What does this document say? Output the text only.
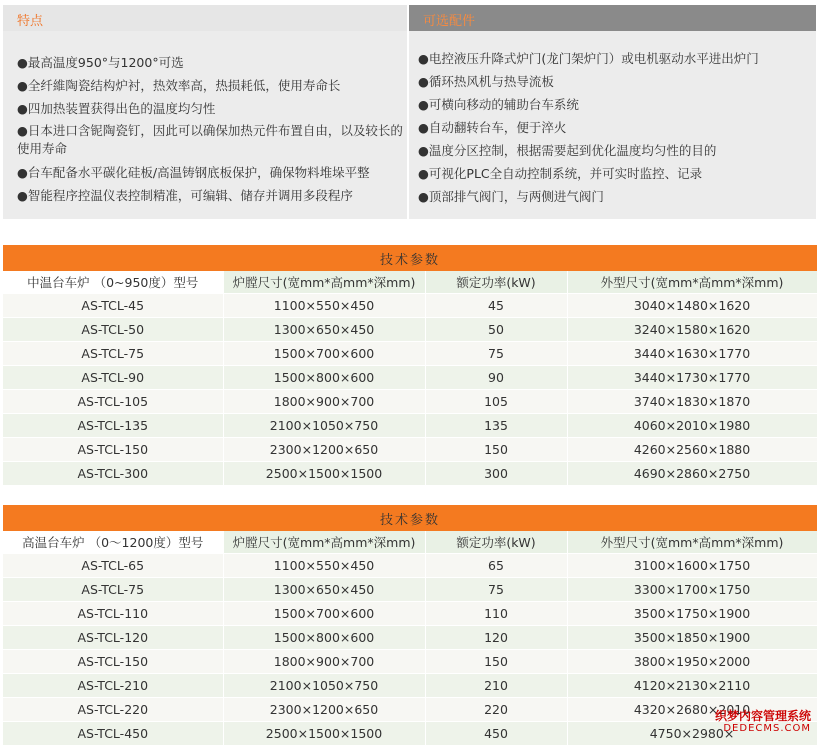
特点
●最高温度950°与1200°可选
●全纤維陶瓷结构炉衬，热效率高，热损耗低，使用寿命长
●四加热装置获得出色的温度均匀性
●日本进口含铌陶瓷钉，因此可以确保加热元件布置自由，以及较长的使用寿命
●台车配备水平碳化硅板/高温铸钢底板保护，确保物料堆垛平整
●智能程序控温仪表控制精准，可编辑、储存并调用多段程序
可选配件
●电控液压升降式炉门(龙门架炉门）或电机驱动水平进出炉门
●循环热风机与热导流板
●可横向移动的辅助台车系统
●自动翻转台车，便于淬火
●温度分区控制，根据需要起到优化温度均匀性的目的
●可视化PLC全自动控制系统，并可实时监控、记录
●顶部排气阀门，与两侧进气阀门
技术参数			
中温台车炉 （0~950度）型号	炉膛尺寸(宽mm*高mm*深mm)	额定功率(kW)	外型尺寸(宽mm*高mm*深mm)
AS-TCL-45	1100×550×450	45	3040×1480×1620
AS-TCL-50	1300×650×450	50	3240×1580×1620
AS-TCL-75	1500×700×600	75	3440×1630×1770
AS-TCL-90	1500×800×600	90	3440×1730×1770
AS-TCL-105	1800×900×700	105	3740×1830×1870
AS-TCL-135	2100×1050×750	135	4060×2010×1980
AS-TCL-150	2300×1200×650	150	4260×2560×1880
AS-TCL-300	2500×1500×1500	300	4690×2860×2750
技术参数			
高温台车炉 （0～1200度）型号	炉膛尺寸(宽mm*高mm*深mm)	额定功率(kW)	外型尺寸(宽mm*高mm*深mm)
AS-TCL-65	1100×550×450	65	3100×1600×1750
AS-TCL-75	1300×650×450	75	3300×1700×1750
AS-TCL-110	1500×700×600	110	3500×1750×1900
AS-TCL-120	1500×800×600	120	3500×1850×1900
AS-TCL-150	1800×900×700	150	3800×1950×2000
AS-TCL-210	2100×1050×750	210	4120×2130×2110
AS-TCL-220	2300×1200×650	220	4320×2680×2010
AS-TCL-450	2500×1500×1500	450	4750×2980×
织梦内容管理系统
DEDECMS.COM
